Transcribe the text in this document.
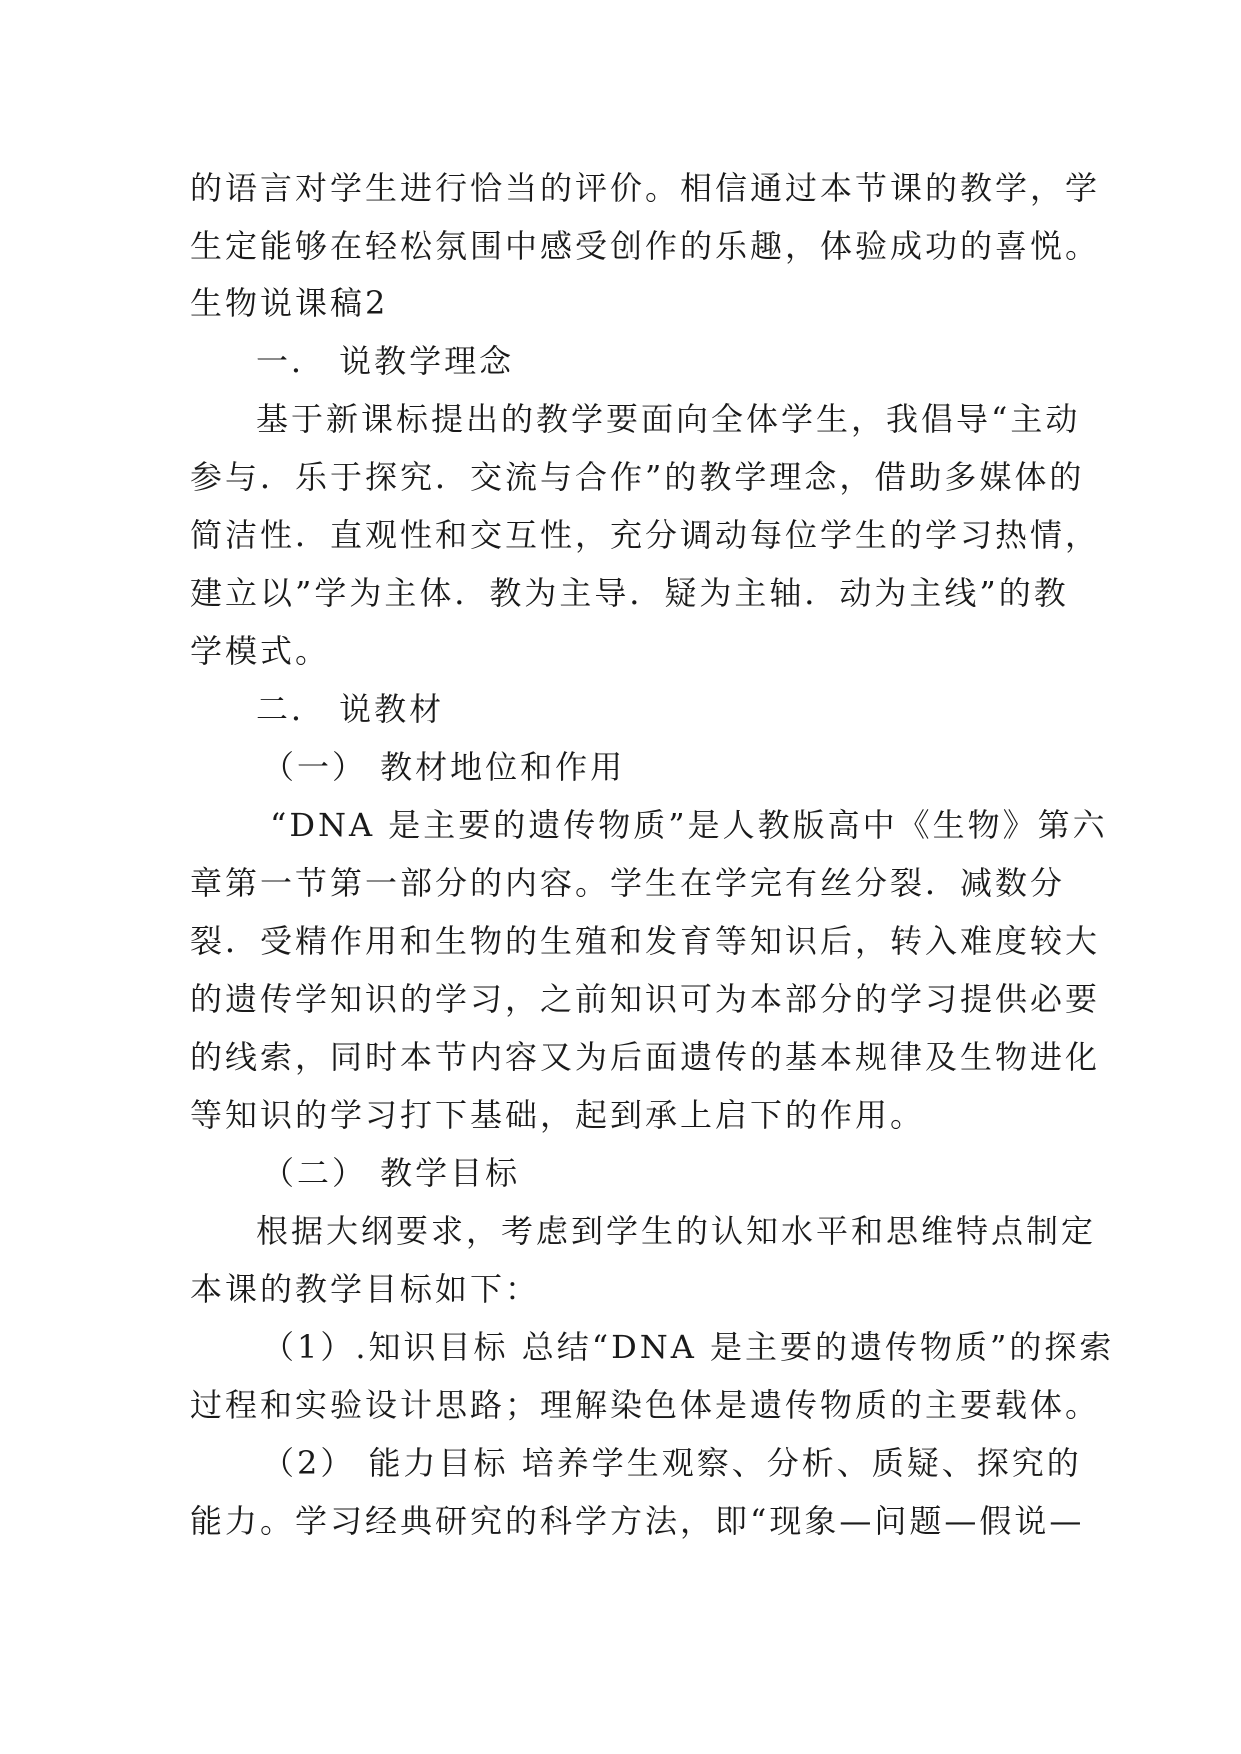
的语言对学生进行恰当的评价。相信通过本节课的教学，学
生定能够在轻松氛围中感受创作的乐趣，体验成功的喜悦。
生物说课稿2
一． 说教学理念
基于新课标提出的教学要面向全体学生，我倡导“主动
参与．乐于探究．交流与合作”的教学理念，借助多媒体的
简洁性．直观性和交互性，充分调动每位学生的学习热情，
建立以”学为主体．教为主导．疑为主轴．动为主线”的教
学模式。
二． 说教材
（一） 教材地位和作用
“DNA 是主要的遗传物质”是人教版高中《生物》第六
章第一节第一部分的内容。学生在学完有丝分裂．减数分
裂．受精作用和生物的生殖和发育等知识后，转入难度较大
的遗传学知识的学习，之前知识可为本部分的学习提供必要
的线索，同时本节内容又为后面遗传的基本规律及生物进化
等知识的学习打下基础，起到承上启下的作用。
（二） 教学目标
根据大纲要求，考虑到学生的认知水平和思维特点制定
本课的教学目标如下：
（1）.知识目标 总结“DNA 是主要的遗传物质”的探索
过程和实验设计思路；理解染色体是遗传物质的主要载体。
（2） 能力目标 培养学生观察、分析、质疑、探究的
能力。学习经典研究的科学方法，即“现象—问题—假说—
